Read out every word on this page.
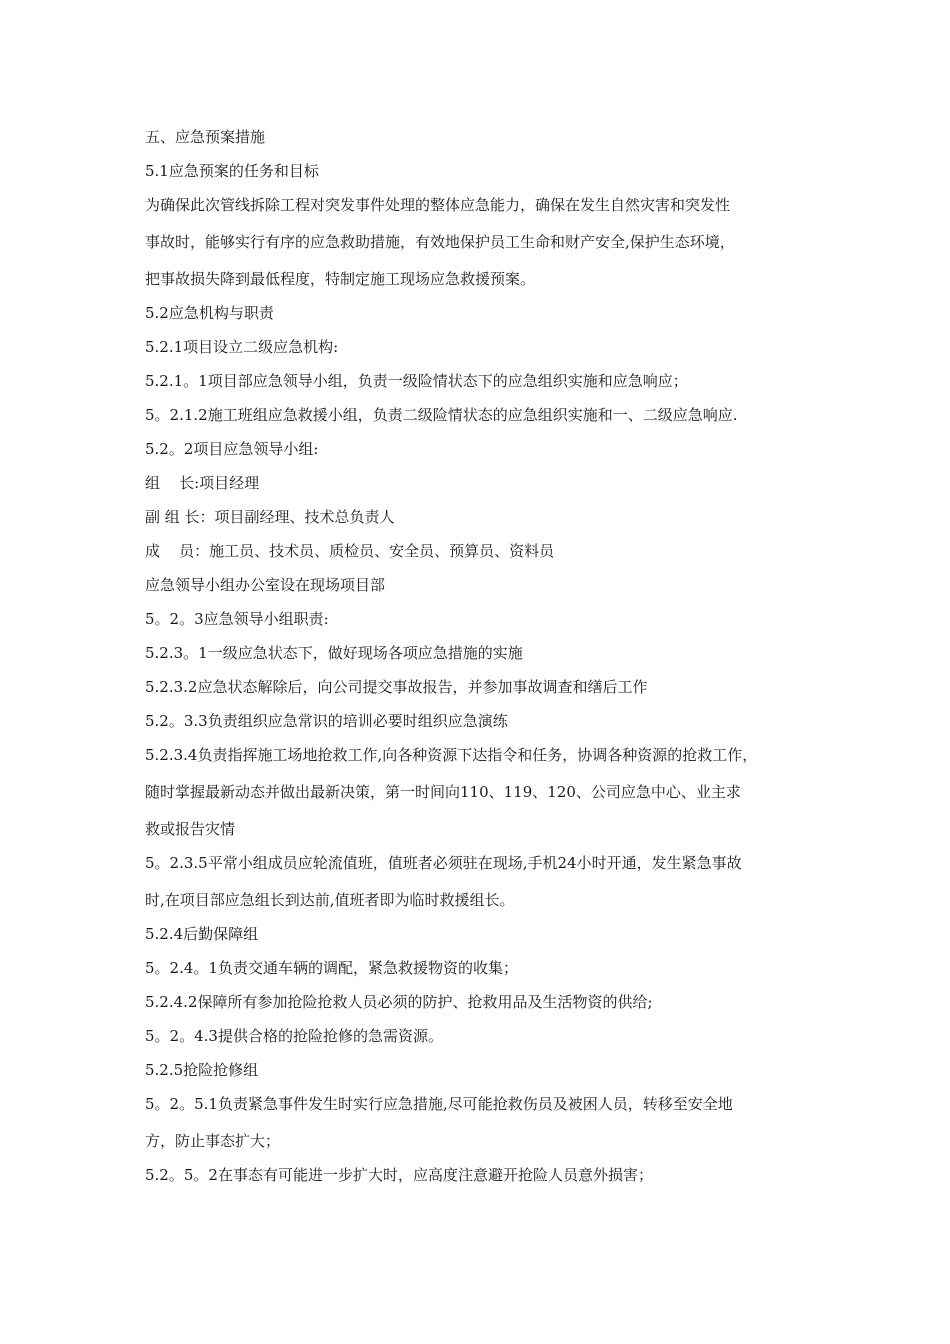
五、应急预案措施
5.1应急预案的任务和目标
为确保此次管线拆除工程对突发事件处理的整体应急能力，确保在发生自然灾害和突发性
事故时，能够实行有序的应急救助措施，有效地保护员工生命和财产安全,保护生态环境，
把事故损失降到最低程度，特制定施工现场应急救援预案。
5.2应急机构与职责
5.2.1项目设立二级应急机构:
5.2.1。1项目部应急领导小组，负责一级险情状态下的应急组织实施和应急响应；
5。2.1.2施工班组应急救援小组，负责二级险情状态的应急组织实施和一、二级应急响应.
5.2。2项目应急领导小组:
组    长:项目经理
副 组 长：项目副经理、技术总负责人
成    员：施工员、技术员、质检员、安全员、预算员、资料员
应急领导小组办公室设在现场项目部
5。2。3应急领导小组职责:
5.2.3。1一级应急状态下，做好现场各项应急措施的实施
5.2.3.2应急状态解除后，向公司提交事故报告，并参加事故调查和缮后工作
5.2。3.3负责组织应急常识的培训必要时组织应急演练
5.2.3.4负责指挥施工场地抢救工作,向各种资源下达指令和任务，协调各种资源的抢救工作，
随时掌握最新动态并做出最新决策，第一时间向110、119、120、公司应急中心、业主求
救或报告灾情
5。2.3.5平常小组成员应轮流值班，值班者必须驻在现场,手机24小时开通，发生紧急事故
时,在项目部应急组长到达前,值班者即为临时救援组长。
5.2.4后勤保障组
5。2.4。1负责交通车辆的调配，紧急救援物资的收集；
5.2.4.2保障所有参加抢险抢救人员必须的防护、抢救用品及生活物资的供给;
5。2。4.3提供合格的抢险抢修的急需资源。
5.2.5抢险抢修组
5。2。5.1负责紧急事件发生时实行应急措施,尽可能抢救伤员及被困人员，转移至安全地
方，防止事态扩大；
5.2。5。2在事态有可能进一步扩大时，应高度注意避开抢险人员意外损害；
